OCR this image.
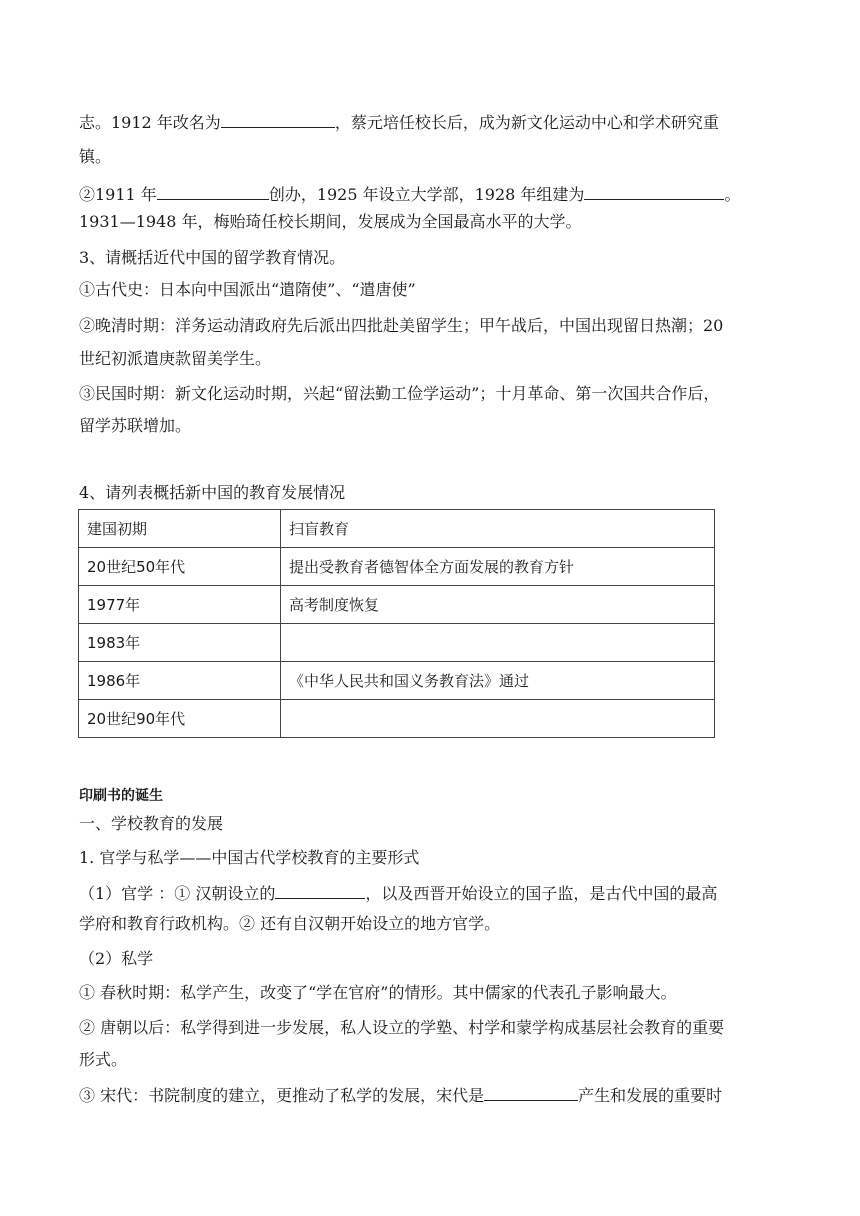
志。1912 年改名为	，蔡元培任校长后，成为新文化运动中心和学术研究重
镇。
②1911 年	创办，1925 年设立大学部，1928 年组建为	。
1931—1948 年，梅贻琦任校长期间，发展成为全国最高水平的大学。
3、请概括近代中国的留学教育情况。
①古代史：日本向中国派出“遣隋使”、“遣唐使”
②晚清时期：洋务运动清政府先后派出四批赴美留学生；甲午战后，中国出现留日热潮；20
世纪初派遣庚款留美学生。
③民国时期：新文化运动时期，兴起“留法勤工俭学运动”；十月革命、第一次国共合作后，
留学苏联增加。
4、请列表概括新中国的教育发展情况
建国初期	扫盲教育
20世纪50年代	提出受教育者德智体全方面发展的教育方针
1977年	高考制度恢复
1983年	
1986年	《中华人民共和国义务教育法》通过
20世纪90年代	
印刷书的诞生
一、学校教育的发展
1. 官学与私学——中国古代学校教育的主要形式
（1）官学 ：① 汉朝设立的	，以及西晋开始设立的国子监，是古代中国的最高
学府和教育行政机构。② 还有自汉朝开始设立的地方官学。
（2）私学
① 春秋时期：私学产生，改变了“学在官府”的情形。其中儒家的代表孔子影响最大。
② 唐朝以后：私学得到进一步发展，私人设立的学塾、村学和蒙学构成基层社会教育的重要
形式。
③ 宋代：书院制度的建立，更推动了私学的发展，宋代是	产生和发展的重要时
